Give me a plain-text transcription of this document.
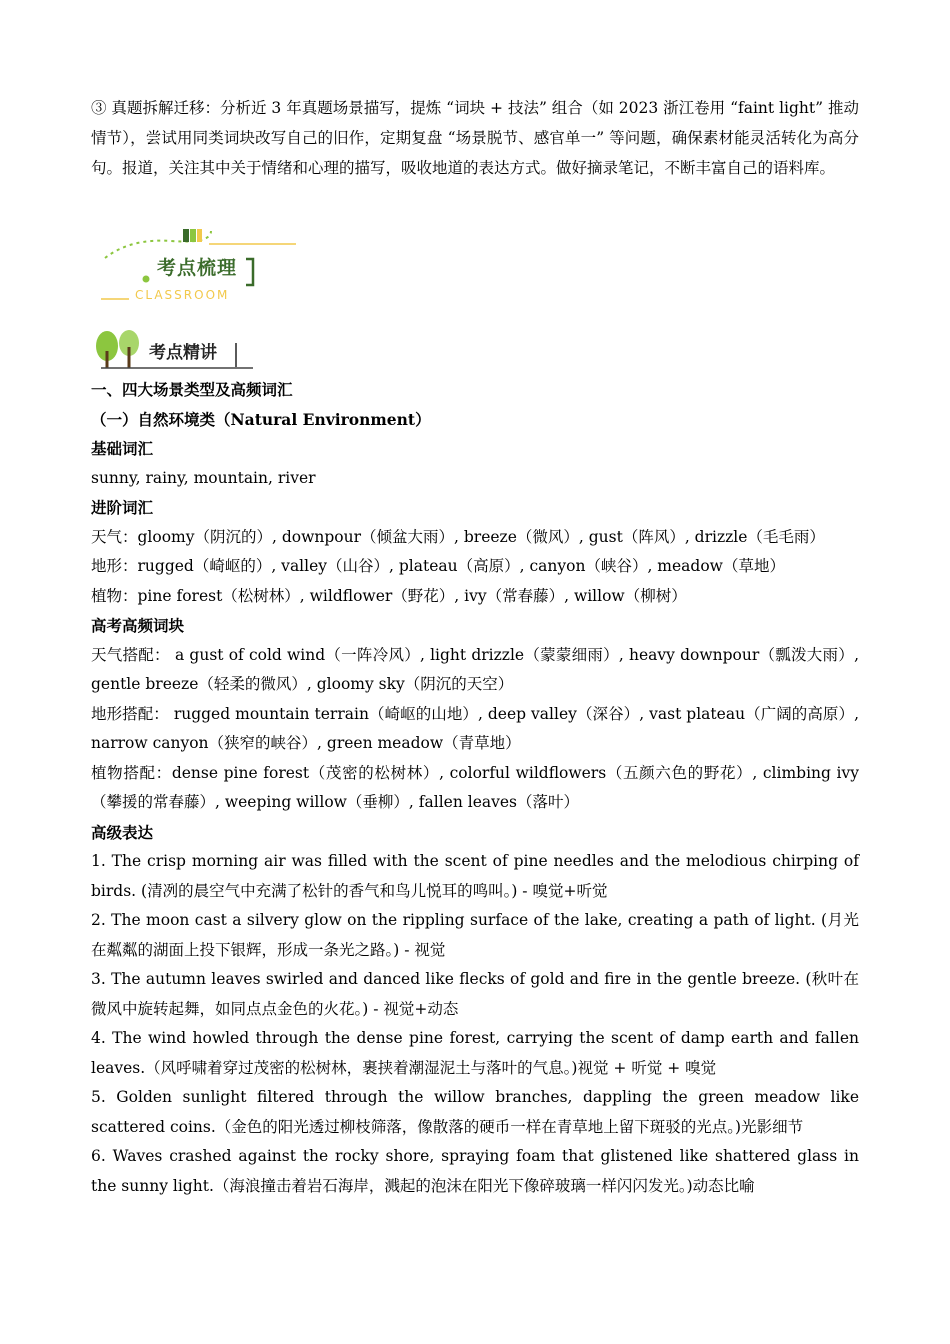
③ 真题拆解迁移：分析近 3 年真题场景描写，提炼 “词块 + 技法” 组合（如 2023 浙江卷用 “faint light” 推动情节），尝试用同类词块改写自己的旧作，定期复盘 “场景脱节、感官单一” 等问题，确保素材能灵活转化为高分句。报道，关注其中关于情绪和心理的描写，吸收地道的表达方式。做好摘录笔记，不断丰富自己的语料库。

考点梳理
CLASSROOM
考点精讲

一、四大场景类型及高频词汇

（一）自然环境类（Natural Environment）

基础词汇

sunny, rainy, mountain, river

进阶词汇

天气：gloomy（阴沉的）, downpour（倾盆大雨）, breeze（微风）, gust（阵风）, drizzle（毛毛雨）

地形：rugged（崎岖的）, valley（山谷）, plateau（高原）, canyon（峡谷）, meadow（草地）

植物：pine forest（松树林）, wildflower（野花）, ivy（常春藤）, willow（柳树）

高考高频词块

天气搭配： a gust of cold wind（一阵冷风）, light drizzle（蒙蒙细雨）, heavy downpour（瓢泼大雨）, gentle breeze（轻柔的微风）, gloomy sky（阴沉的天空）

地形搭配： rugged mountain terrain（崎岖的山地）, deep valley（深谷）, vast plateau（广阔的高原）, narrow canyon（狭窄的峡谷）, green meadow（青草地）

植物搭配：dense pine forest（茂密的松树林）, colorful wildflowers（五颜六色的野花）, climbing ivy（攀援的常春藤）, weeping willow（垂柳）, fallen leaves（落叶）

高级表达

1. The crisp morning air was filled with the scent of pine needles and the melodious chirping of birds. (清冽的晨空气中充满了松针的香气和鸟儿悦耳的鸣叫。) - 嗅觉+听觉

2. The moon cast a silvery glow on the rippling surface of the lake, creating a path of light. (月光在粼粼的湖面上投下银辉，形成一条光之路。) - 视觉

3. The autumn leaves swirled and danced like flecks of gold and fire in the gentle breeze. (秋叶在微风中旋转起舞，如同点点金色的火花。) - 视觉+动态

4. The wind howled through the dense pine forest, carrying the scent of damp earth and fallen leaves.（风呼啸着穿过茂密的松树林，裹挟着潮湿泥土与落叶的气息。)视觉 + 听觉 + 嗅觉

5. Golden sunlight filtered through the willow branches, dappling the green meadow like scattered coins.（金色的阳光透过柳枝筛落，像散落的硬币一样在青草地上留下斑驳的光点。)光影细节

6. Waves crashed against the rocky shore, spraying foam that glistened like shattered glass in the sunny light.（海浪撞击着岩石海岸，溅起的泡沫在阳光下像碎玻璃一样闪闪发光。)动态比喻
